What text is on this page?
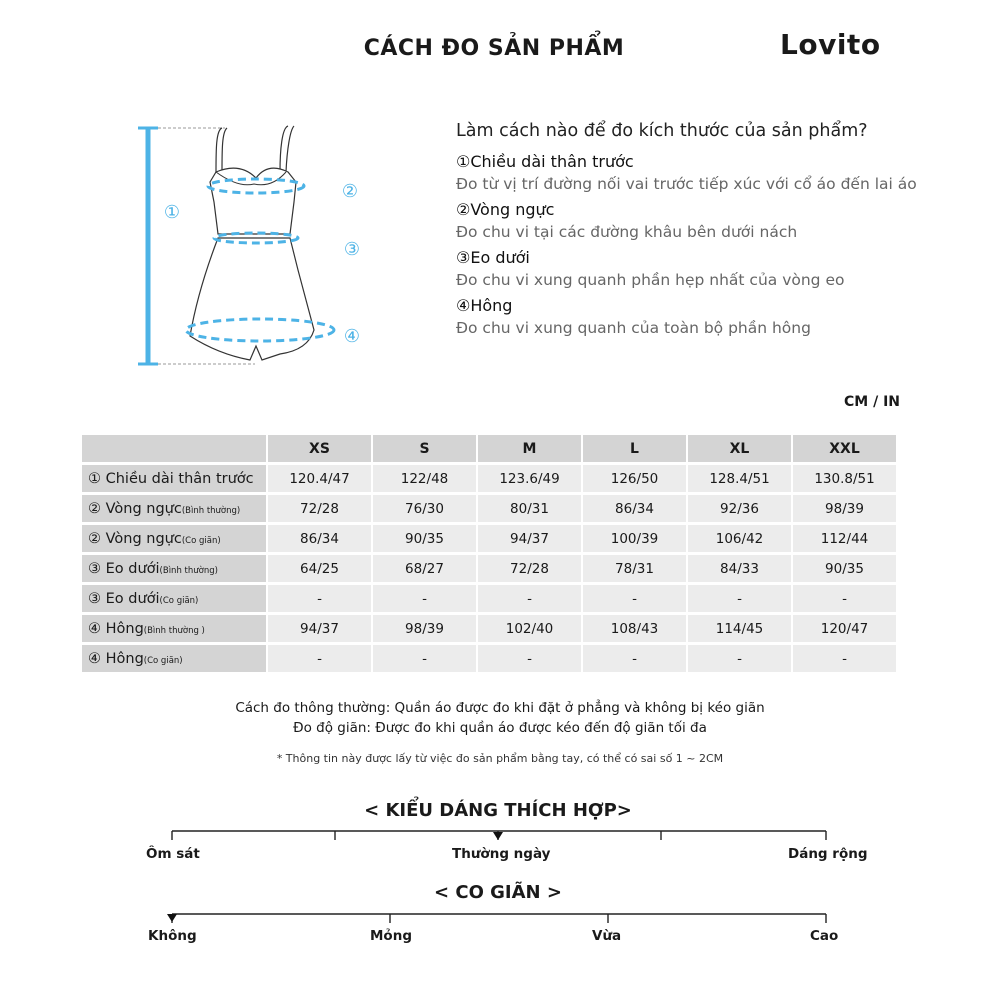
CÁCH ĐO SẢN PHẨM	Lovito
①
②
③
④
Làm cách nào để đo kích thước của sản phẩm?
①Chiều dài thân trước
Đo từ vị trí đường nối vai trước tiếp xúc với cổ áo đến lai áo
②Vòng ngực
Đo chu vi tại các đường khâu bên dưới nách
③Eo dưới
Đo chu vi xung quanh phần hẹp nhất của vòng eo
④Hông
Đo chu vi xung quanh của toàn bộ phần hông
CM / IN
	XS	S	M	L	XL	XXL
① Chiều dài thân trước	120.4/47	122/48	123.6/49	126/50	128.4/51	130.8/51
② Vòng ngực(Bình thường)	72/28	76/30	80/31	86/34	92/36	98/39
② Vòng ngực(Co giãn)	86/34	90/35	94/37	100/39	106/42	112/44
③ Eo dưới(Bình thường)	64/25	68/27	72/28	78/31	84/33	90/35
③ Eo dưới(Co giãn)	-	-	-	-	-	-
④ Hông(Bình thường )	94/37	98/39	102/40	108/43	114/45	120/47
④ Hông(Co giãn)	-	-	-	-	-	-
Cách đo thông thường: Quần áo được đo khi đặt ở phẳng và không bị kéo giãn
Đo độ giãn: Được đo khi quần áo được kéo đến độ giãn tối đa
* Thông tin này được lấy từ việc đo sản phẩm bằng tay, có thể có sai số 1 ~ 2CM
< KIỂU DÁNG THÍCH HỢP>
Ôm sát	Thường ngày	Dáng rộng
< CO GIÃN >
Không	Mỏng	Vừa	Cao
